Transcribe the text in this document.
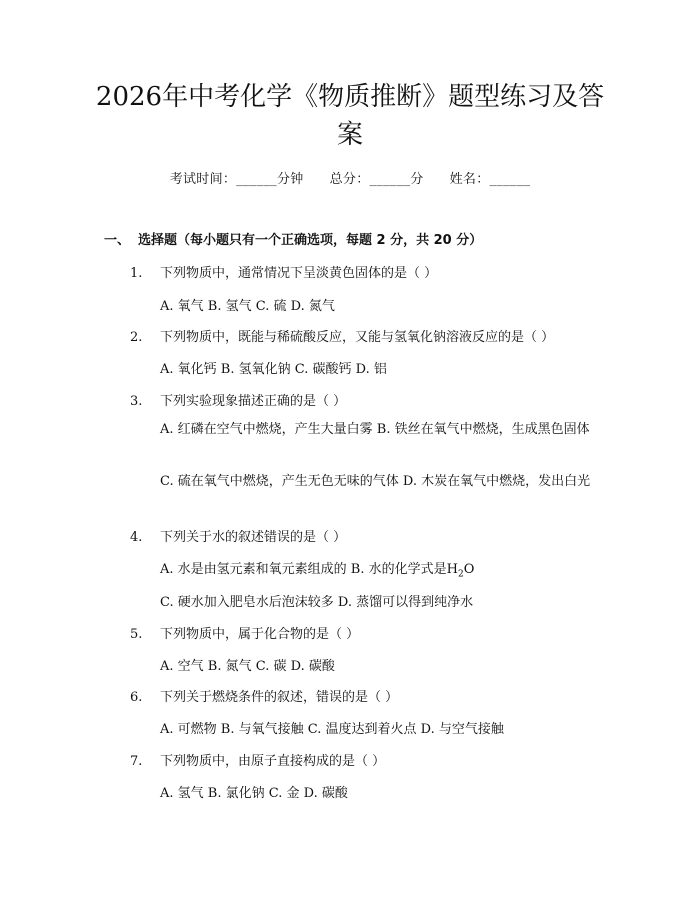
2026年中考化学《物质推断》题型练习及答案
考试时间：______分钟 总分：______分 姓名：______
一、 选择题（每小题只有一个正确选项，每题 2 分，共 20 分）
1. 下列物质中，通常情况下呈淡黄色固体的是（ ）
A. 氧气 B. 氢气 C. 硫 D. 氮气
2. 下列物质中，既能与稀硫酸反应，又能与氢氧化钠溶液反应的是（ ）
A. 氧化钙 B. 氢氧化钠 C. 碳酸钙 D. 铝
3. 下列实验现象描述正确的是（ ）
A. 红磷在空气中燃烧，产生大量白雾 B. 铁丝在氧气中燃烧，生成黑色固体
C. 硫在氧气中燃烧，产生无色无味的气体 D. 木炭在氧气中燃烧，发出白光
4. 下列关于水的叙述错误的是（ ）
A. 水是由氢元素和氧元素组成的 B. 水的化学式是$H_2O$
C. 硬水加入肥皂水后泡沫较多 D. 蒸馏可以得到纯净水
5. 下列物质中，属于化合物的是（ ）
A. 空气 B. 氮气 C. 碳 D. 碳酸
6. 下列关于燃烧条件的叙述，错误的是（ ）
A. 可燃物 B. 与氧气接触 C. 温度达到着火点 D. 与空气接触
7. 下列物质中，由原子直接构成的是（ ）
A. 氢气 B. 氯化钠 C. 金 D. 碳酸
